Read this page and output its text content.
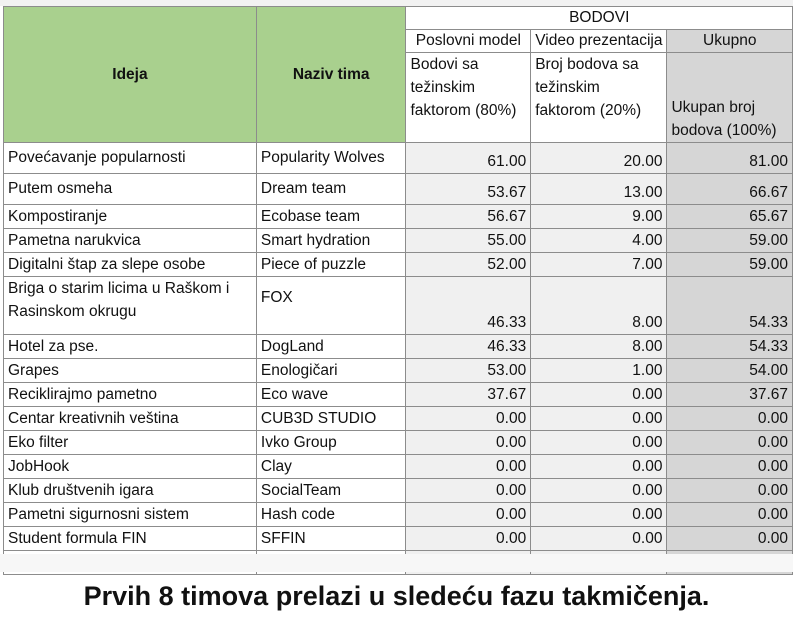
Ideja	Naziv tima	BODOVI		
		Poslovni model	Video prezentacija	Ukupno
		Bodovi sa težinskim faktorom (80%)	Broj bodova sa težinskim faktorom (20%)	Ukupan broj bodova (100%)
Povećavanje popularnosti	Popularity Wolves	61.00	20.00	81.00
Putem osmeha	Dream team	53.67	13.00	66.67
Kompostiranje	Ecobase team	56.67	9.00	65.67
Pametna narukvica	Smart hydration	55.00	4.00	59.00
Digitalni štap za slepe osobe	Piece of puzzle	52.00	7.00	59.00
Briga o starim licima u Raškom i Rasinskom okrugu	FOX	46.33	8.00	54.33
Hotel za pse.	DogLand	46.33	8.00	54.33
Grapes	Enologičari	53.00	1.00	54.00
Reciklirajmo pametno	Eco wave	37.67	0.00	37.67
Centar kreativnih veština	CUB3D STUDIO	0.00	0.00	0.00
Eko filter	Ivko Group	0.00	0.00	0.00
JobHook	Clay	0.00	0.00	0.00
Klub društvenih igara	SocialTeam	0.00	0.00	0.00
Pametni sigurnosni sistem	Hash code	0.00	0.00	0.00
Student formula FIN	SFFIN	0.00	0.00	0.00

Prvih 8 timova prelazi u sledeću fazu takmičenja.
